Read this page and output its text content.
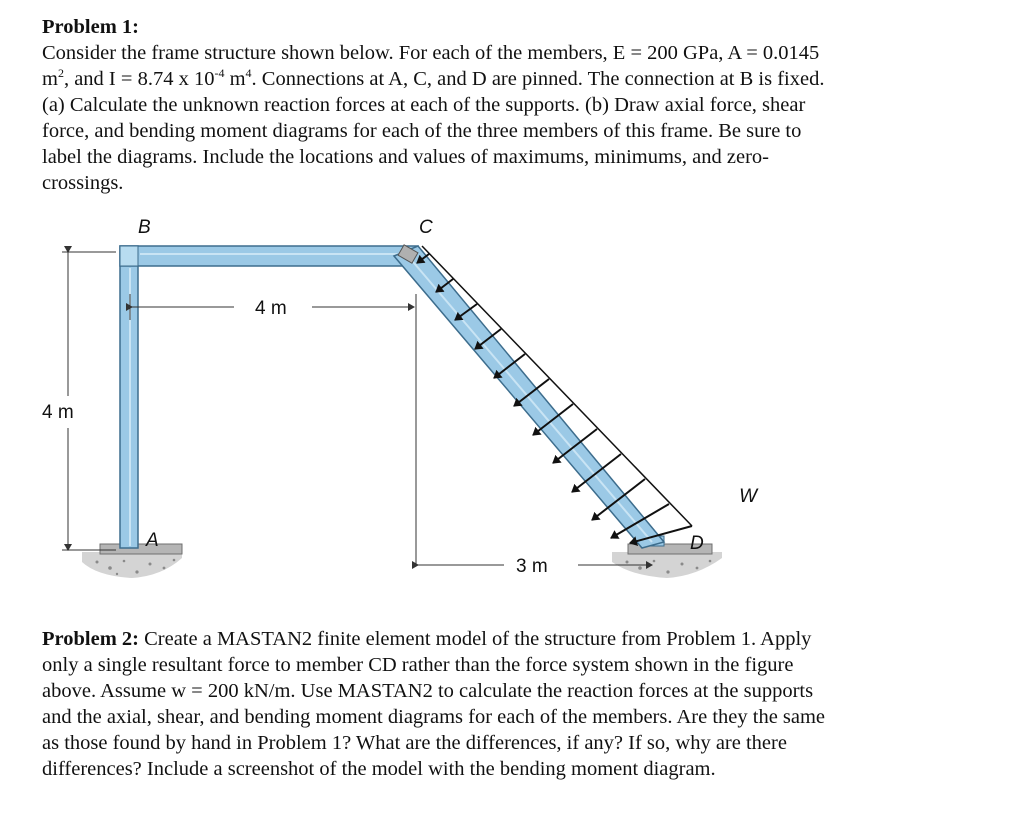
Problem 1:
Consider the frame structure shown below. For each of the members, E = 200 GPa, A = 0.0145
$m^2$, and I = 8.74 x $10^{-4}$ $m^4$. Connections at A, C, and D are pinned. The connection at B is fixed.
(a) Calculate the unknown reaction forces at each of the supports. (b) Draw axial force, shear
force, and bending moment diagrams for each of the three members of this frame. Be sure to
label the diagrams. Include the locations and values of maximums, minimums, and zero-
crossings.
B	C
A	D
W
4 m
4 m
3 m
Problem 2: Create a MASTAN2 finite element model of the structure from Problem 1. Apply
only a single resultant force to member CD rather than the force system shown in the figure
above. Assume w = 200 kN/m. Use MASTAN2 to calculate the reaction forces at the supports
and the axial, shear, and bending moment diagrams for each of the members. Are they the same
as those found by hand in Problem 1? What are the differences, if any? If so, why are there
differences? Include a screenshot of the model with the bending moment diagram.
